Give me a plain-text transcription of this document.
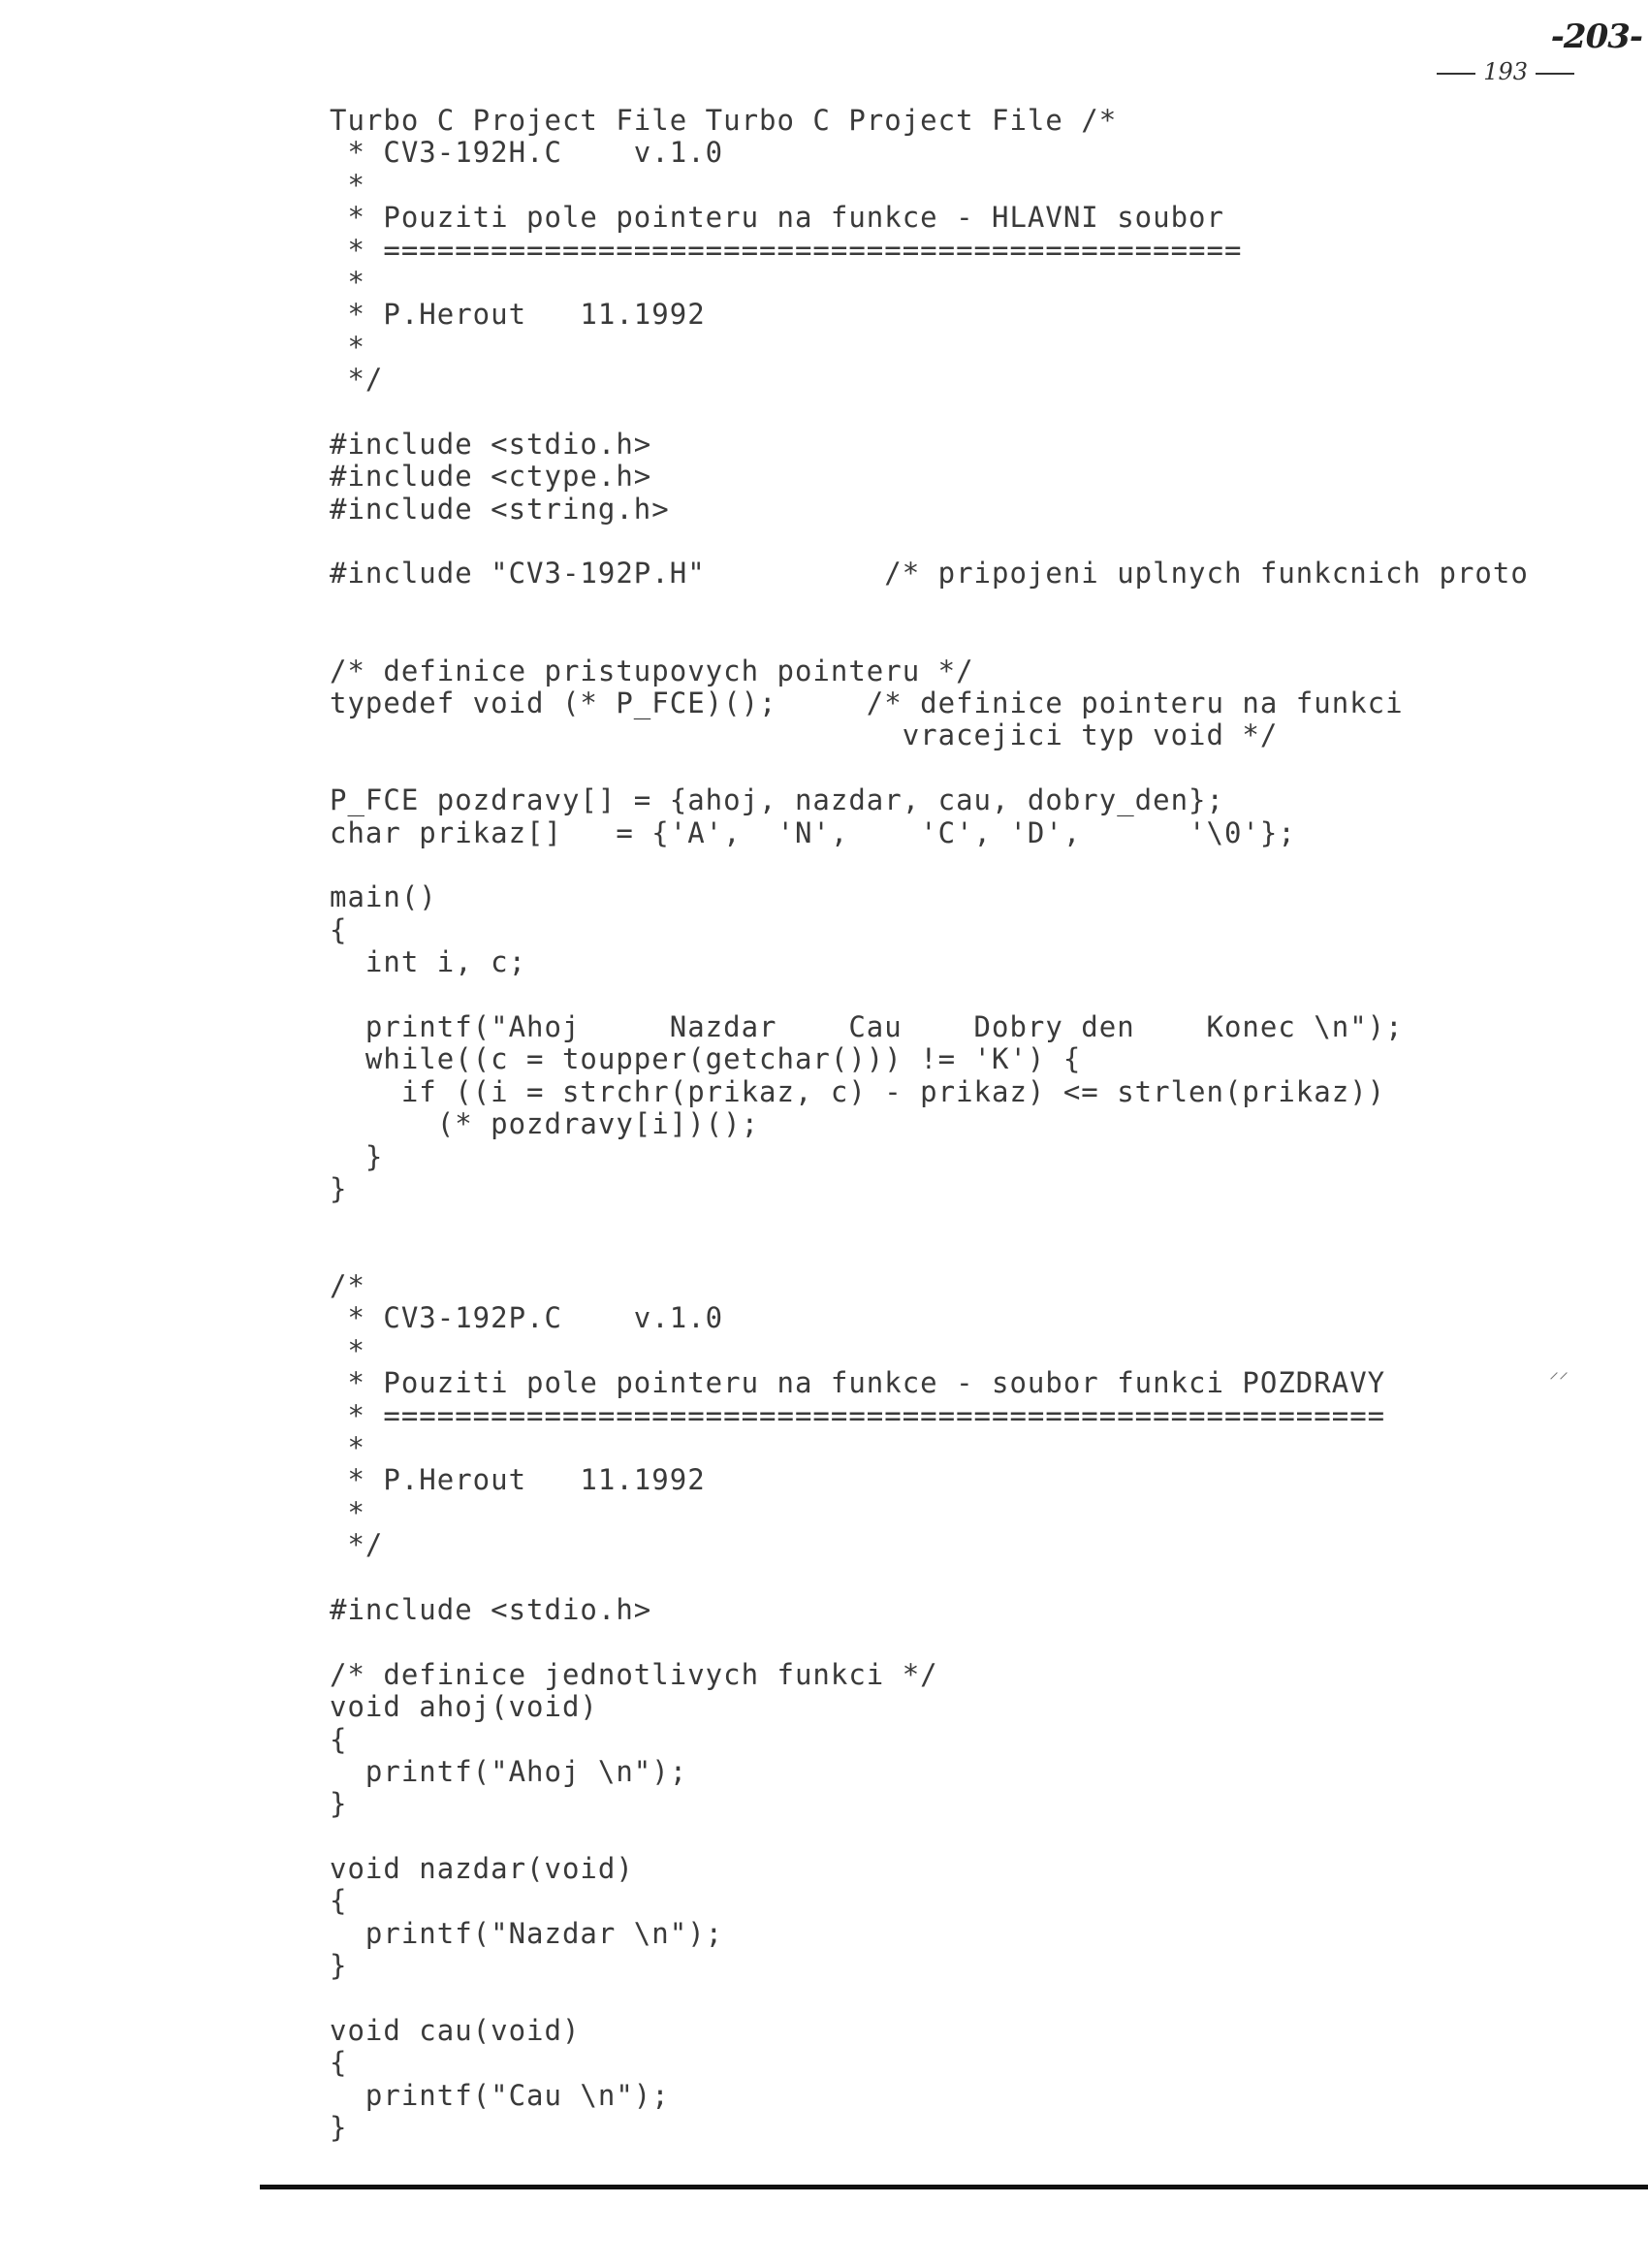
-203-
193
Turbo C Project File Turbo C Project File /*
* CV3-192H.C    v.1.0
*
* Pouziti pole pointeru na funkce - HLAVNI soubor
* ================================================
*
* P.Herout   11.1992
*
*/
#include <stdio.h>
#include <ctype.h>
#include <string.h>
#include "CV3-192P.H"          /* pripojeni uplnych funkcnich proto
/* definice pristupovych pointeru */
typedef void (* P_FCE)();     /* definice pointeru na funkci
vracejici typ void */
P_FCE pozdravy[] = {ahoj, nazdar, cau, dobry_den};
char prikaz[]   = {'A',  'N',    'C', 'D',      '\0'};
main()
{
int i, c;
printf("Ahoj     Nazdar    Cau    Dobry den    Konec \n");
while((c = toupper(getchar())) != 'K') {
if ((i = strchr(prikaz, c) - prikaz) <= strlen(prikaz))
(* pozdravy[i])();
}
}
/*
* CV3-192P.C    v.1.0
*
* Pouziti pole pointeru na funkce - soubor funkci POZDRAVY
* ========================================================
*
* P.Herout   11.1992
*
*/
#include <stdio.h>
/* definice jednotlivych funkci */
void ahoj(void)
{
printf("Ahoj \n");
}
void nazdar(void)
{
printf("Nazdar \n");
}
void cau(void)
{
printf("Cau \n");
}
⸝⸝
